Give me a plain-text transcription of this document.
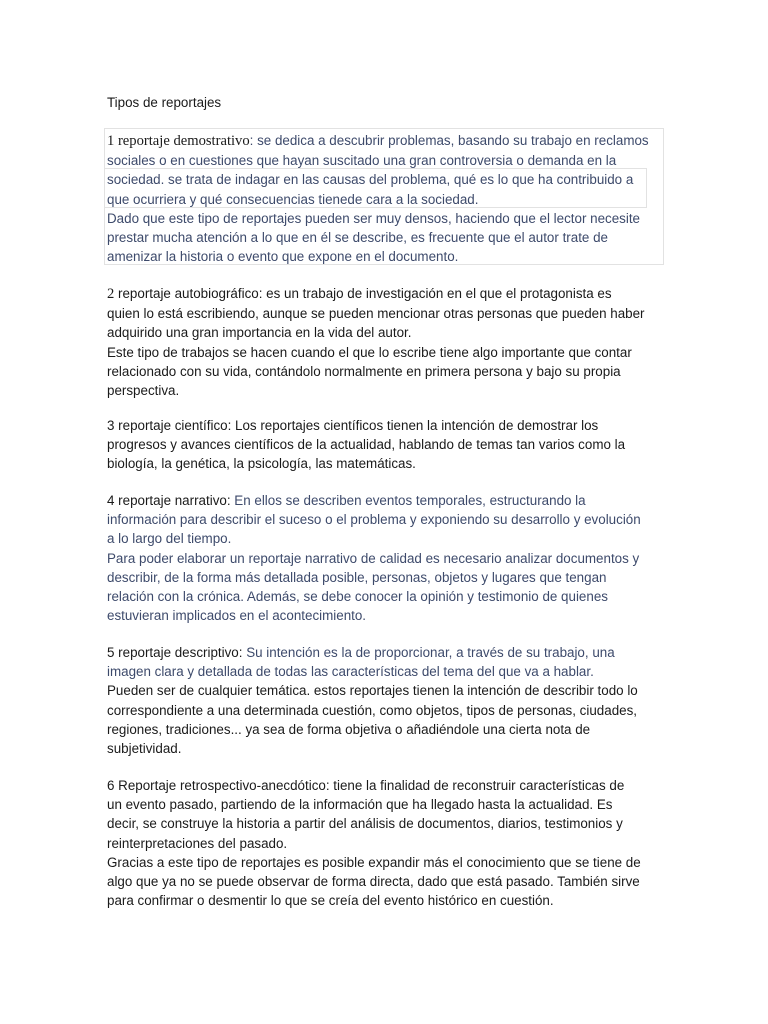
Tipos de reportajes

1 reportaje demostrativo: se dedica a descubrir problemas, basando su trabajo en reclamos

sociales o en cuestiones que hayan suscitado una gran controversia o demanda en la

sociedad. se trata de indagar en las causas del problema, qué es lo que ha contribuido a

que ocurriera y qué consecuencias tienede cara a la sociedad.

Dado que este tipo de reportajes pueden ser muy densos, haciendo que el lector necesite

prestar mucha atención a lo que en él se describe, es frecuente que el autor trate de

amenizar la historia o evento que expone en el documento.

2 reportaje autobiográfico: es un trabajo de investigación en el que el protagonista es

quien lo está escribiendo, aunque se pueden mencionar otras personas que pueden haber

adquirido una gran importancia en la vida del autor.

Este tipo de trabajos se hacen cuando el que lo escribe tiene algo importante que contar

relacionado con su vida, contándolo normalmente en primera persona y bajo su propia

perspectiva.

3 reportaje científico: Los reportajes científicos tienen la intención de demostrar los

progresos y avances científicos de la actualidad, hablando de temas tan varios como la

biología, la genética, la psicología, las matemáticas.

4 reportaje narrativo: En ellos se describen eventos temporales, estructurando la

información para describir el suceso o el problema y exponiendo su desarrollo y evolución

a lo largo del tiempo.

Para poder elaborar un reportaje narrativo de calidad es necesario analizar documentos y

describir, de la forma más detallada posible, personas, objetos y lugares que tengan

relación con la crónica. Además, se debe conocer la opinión y testimonio de quienes

estuvieran implicados en el acontecimiento.

5 reportaje descriptivo: Su intención es la de proporcionar, a través de su trabajo, una

imagen clara y detallada de todas las características del tema del que va a hablar.

Pueden ser de cualquier temática. estos reportajes tienen la intención de describir todo lo

correspondiente a una determinada cuestión, como objetos, tipos de personas, ciudades,

regiones, tradiciones... ya sea de forma objetiva o añadiéndole una cierta nota de

subjetividad.

6 Reportaje retrospectivo-anecdótico: tiene la finalidad de reconstruir características de

un evento pasado, partiendo de la información que ha llegado hasta la actualidad. Es

decir, se construye la historia a partir del análisis de documentos, diarios, testimonios y

reinterpretaciones del pasado.

Gracias a este tipo de reportajes es posible expandir más el conocimiento que se tiene de

algo que ya no se puede observar de forma directa, dado que está pasado. También sirve

para confirmar o desmentir lo que se creía del evento histórico en cuestión.
